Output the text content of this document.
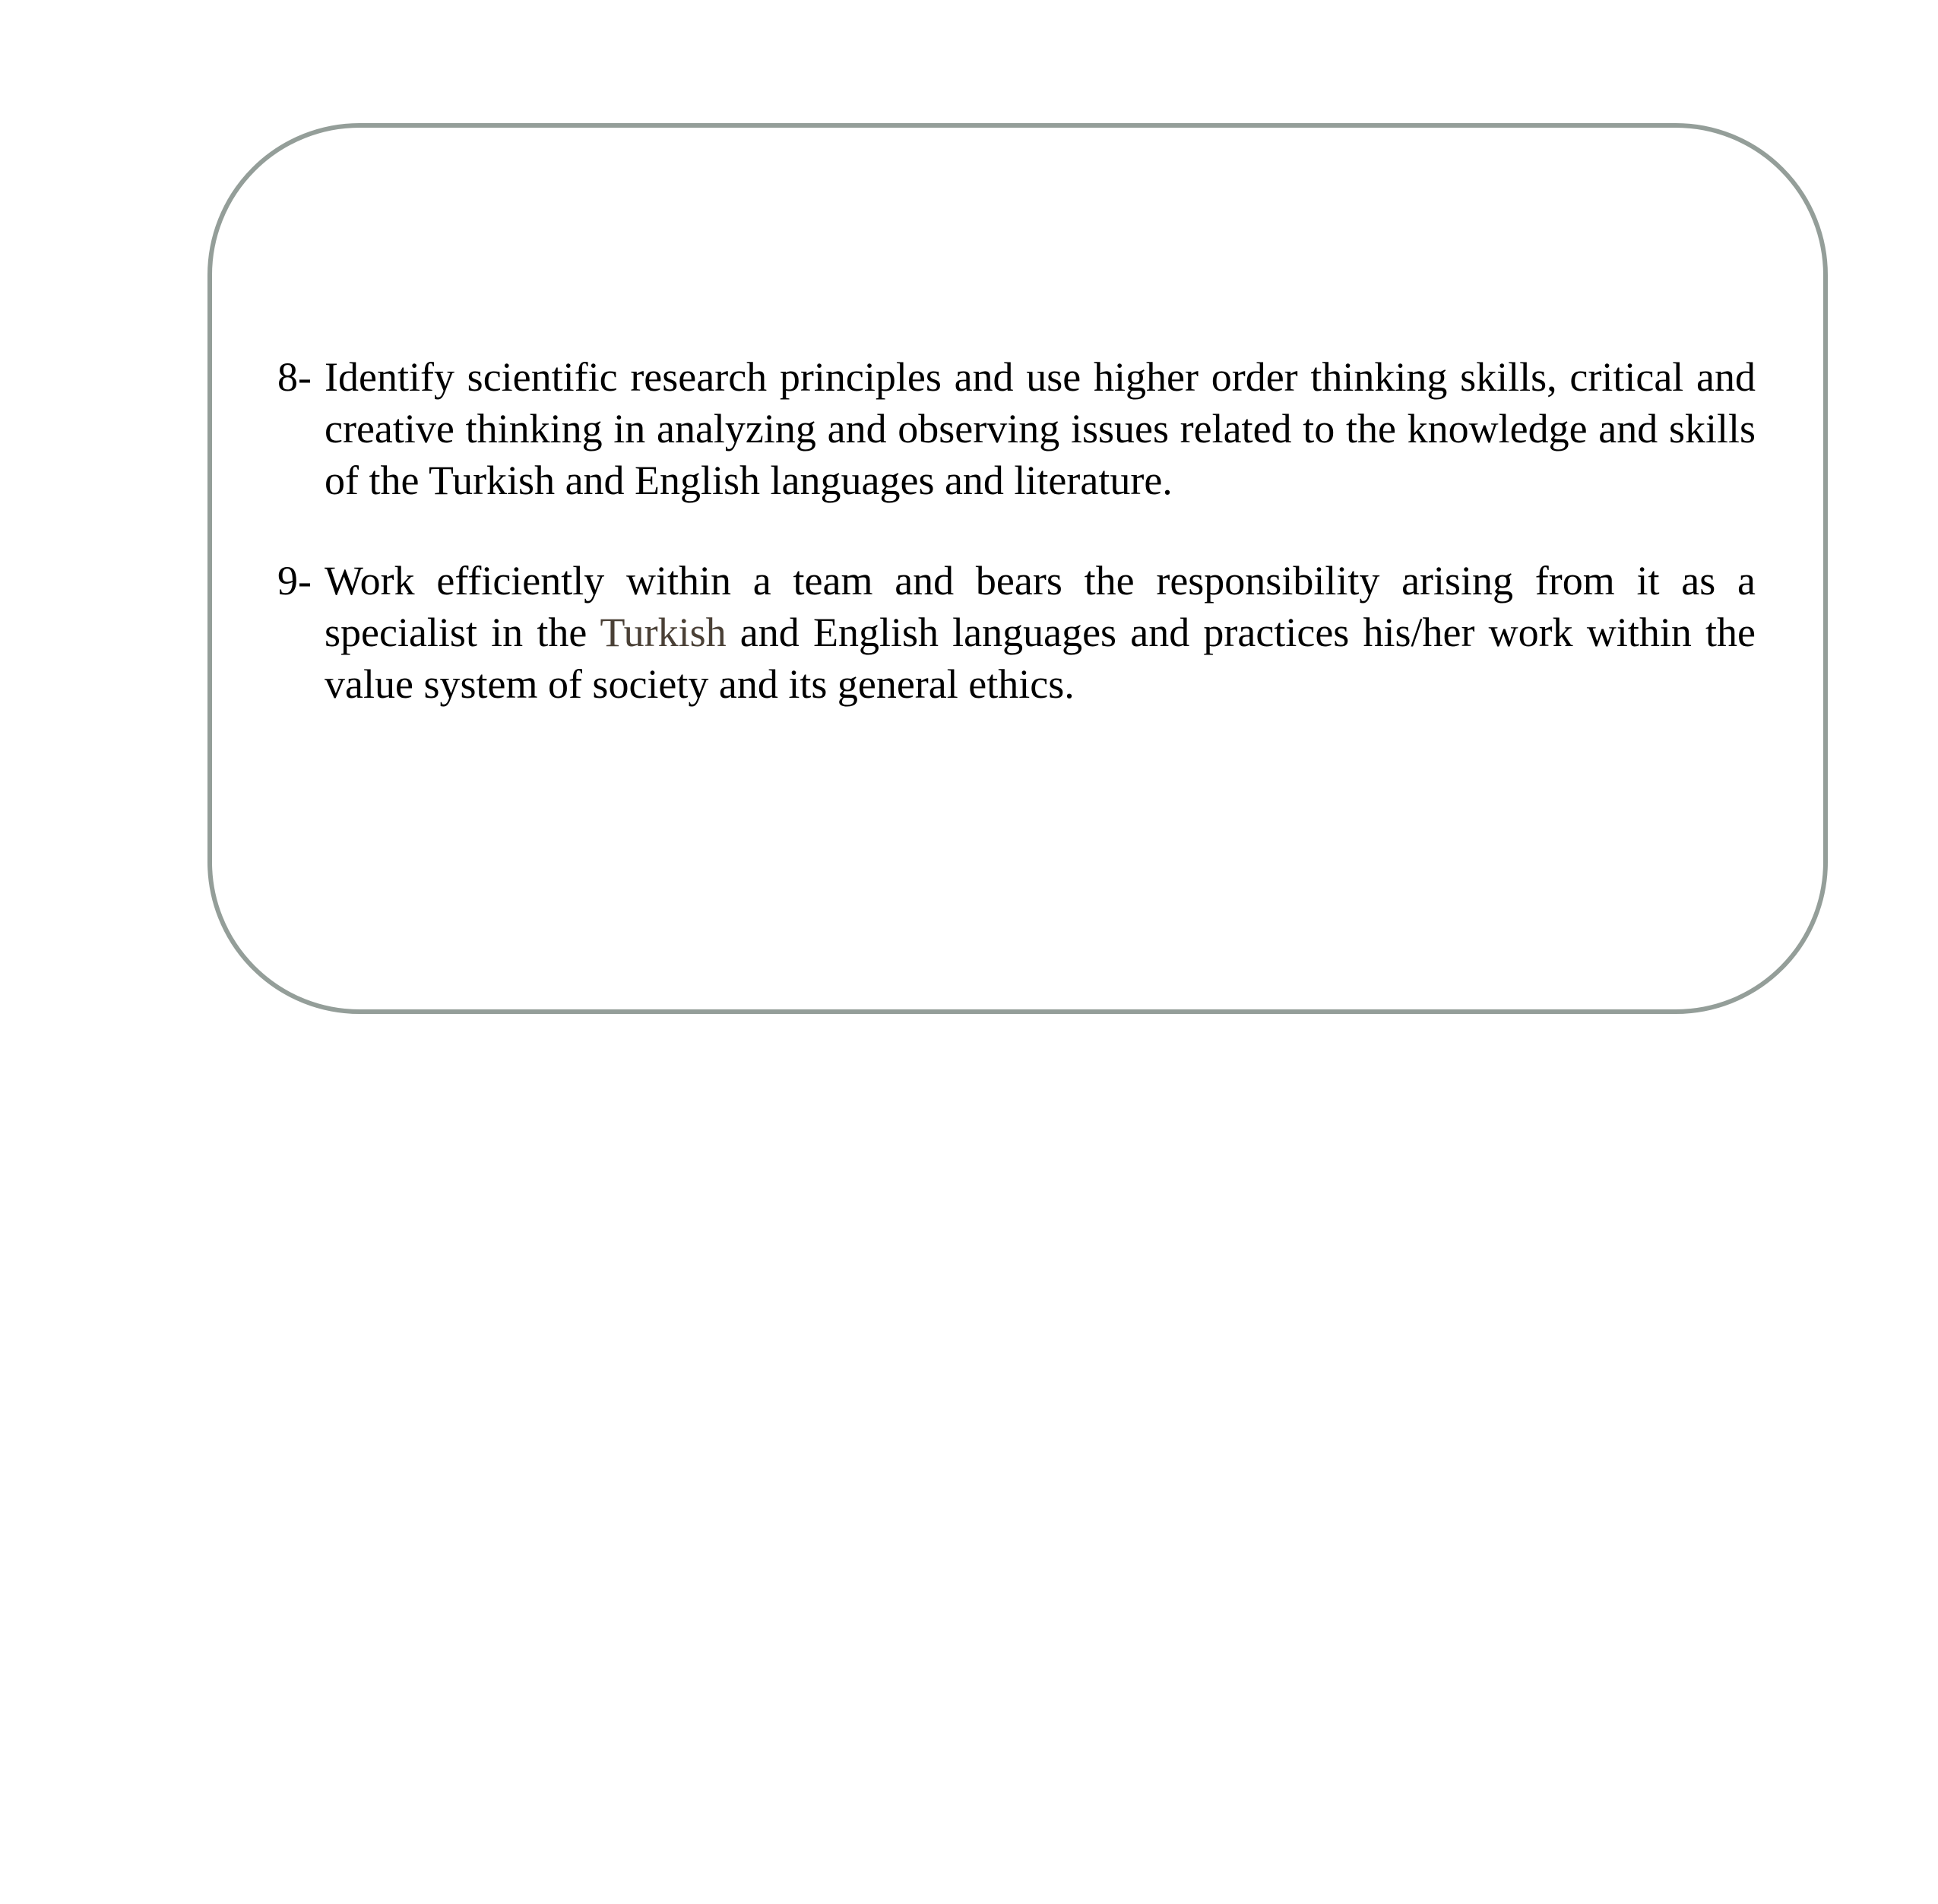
8- Identify scientific research principles and use higher order thinking skills, critical and creative thinking in analyzing and observing issues related to the knowledge and skills of the Turkish and English languages and literature.
9- Work efficiently within a team and bears the responsibility arising from it as a specialist in the Turkish and English languages and practices his/her work within the value system of society and its general ethics.
